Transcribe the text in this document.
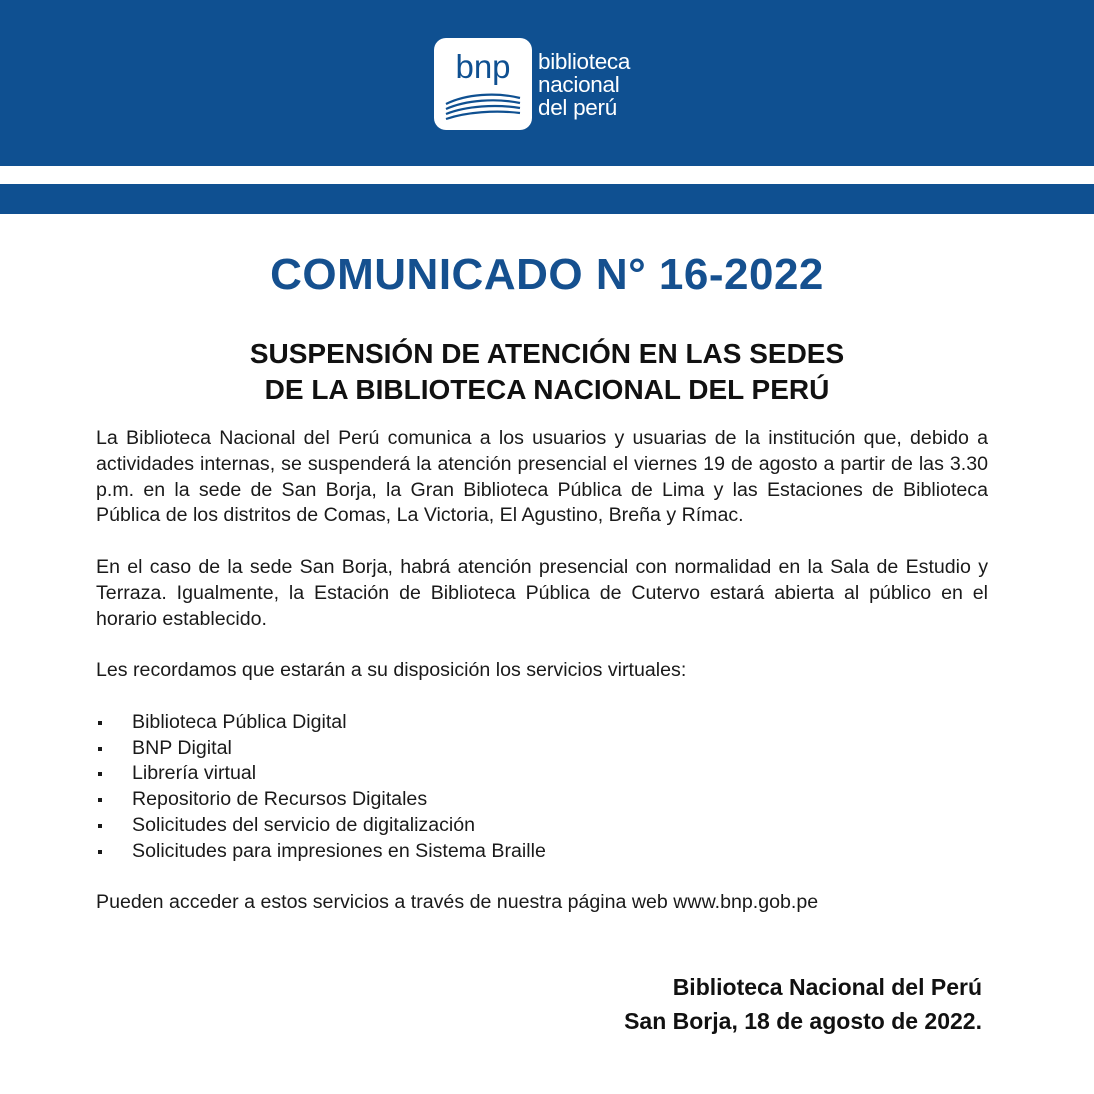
bnp	biblioteca
nacional
del perú
COMUNICADO N° 16-2022
SUSPENSIÓN DE ATENCIÓN EN LAS SEDES
DE LA BIBLIOTECA NACIONAL DEL PERÚ

La Biblioteca Nacional del Perú comunica a los usuarios y usuarias de la institución que, debido a actividades internas, se suspenderá la atención presencial el viernes 19 de agosto a partir de las 3.30 p.m. en la sede de San Borja, la Gran Biblioteca Pública de Lima y las Estaciones de Biblioteca Pública de los distritos de Comas, La Victoria, El Agustino, Breña y Rímac.

En el caso de la sede San Borja, habrá atención presencial con normalidad en la Sala de Estudio y Terraza. Igualmente, la Estación de Biblioteca Pública de Cutervo estará abierta al público en el horario establecido.

Les recordamos que estarán a su disposición los servicios virtuales:

Biblioteca Pública Digital
BNP Digital
Librería virtual
Repositorio de Recursos Digitales
Solicitudes del servicio de digitalización
Solicitudes para impresiones en Sistema Braille

Pueden acceder a estos servicios a través de nuestra página web www.bnp.gob.pe

Biblioteca Nacional del Perú
San Borja, 18 de agosto de 2022.
